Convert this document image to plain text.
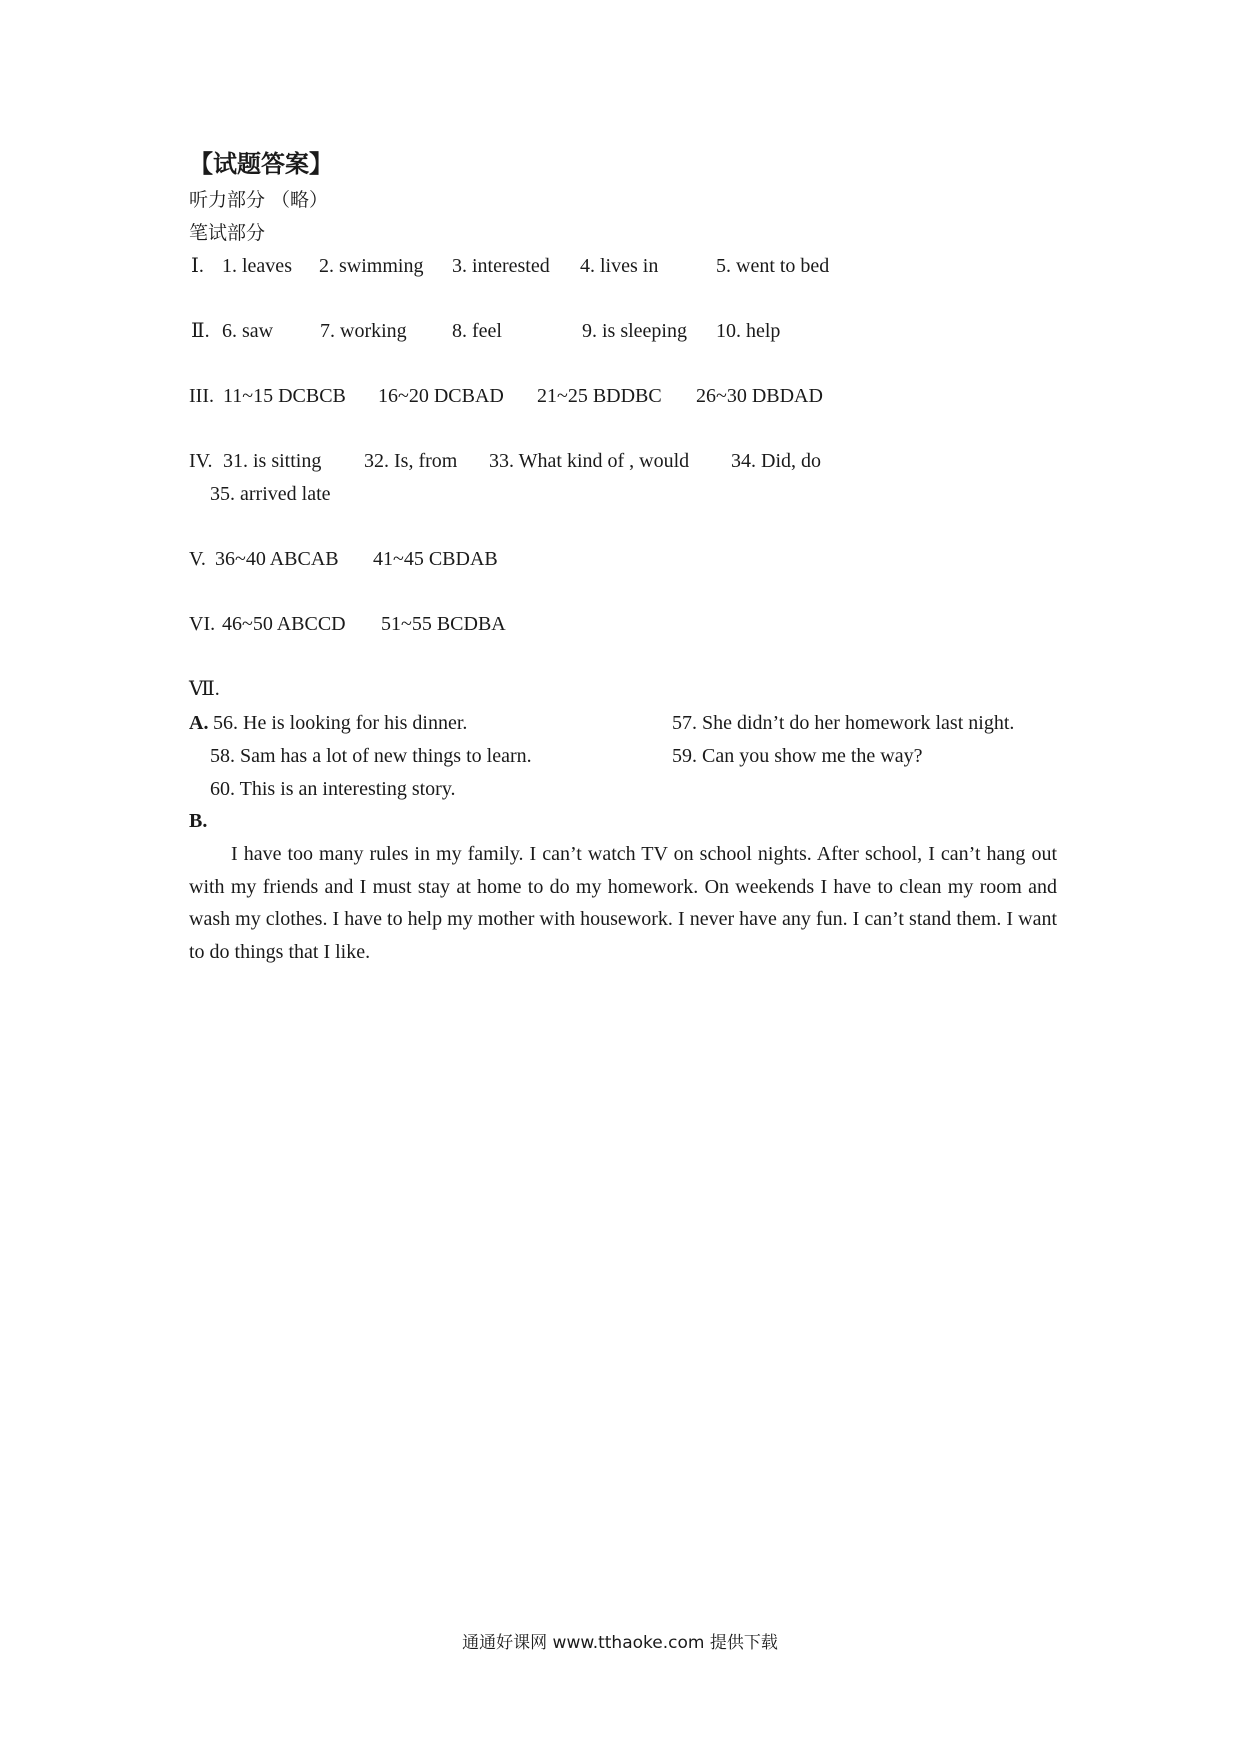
【试题答案】
听力部分 （略）
笔试部分
Ⅰ. 1. leaves 2. swimming 3. interested 4. lives in	5. went to bed
Ⅱ. 6. saw 7. working 8. feel	9. is sleeping 10. help
III. 11~15 DCBCB 16~20 DCBAD 21~25 BDDBC 26~30 DBDAD
IV. 31. is sitting 32. Is, from 33. What kind of , would 34. Did, do
35. arrived late
V. 36~40 ABCAB 41~45 CBDAB
VI. 46~50 ABCCD 51~55 BCDBA
Ⅶ.
A. 56. He is looking for his dinner.	57. She didn’t do her homework last night.
58. Sam has a lot of new things to learn.	59. Can you show me the way?
60. This is an interesting story.
B.
I have too many rules in my family. I can’t watch TV on school nights. After school, I can’t hang out with my friends and I must stay at home to do my homework. On weekends I have to clean my room and wash my clothes. I have to help my mother with housework. I never have any fun. I can’t stand them. I want to do things that I like.
通通好课网 www.tthaoke.com 提供下载
